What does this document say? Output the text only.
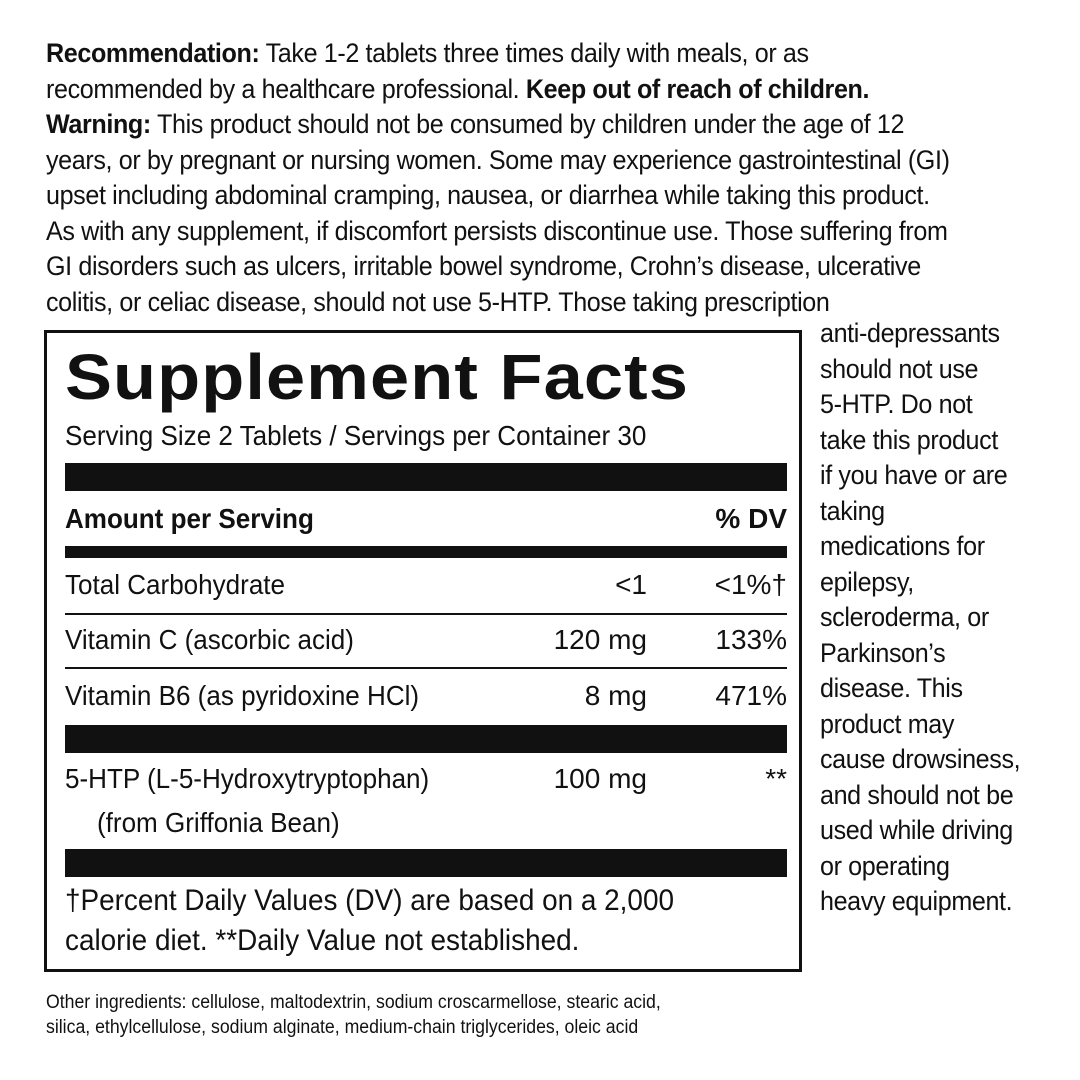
Recommendation: Take 1-2 tablets three times daily with meals, or as
recommended by a healthcare professional. Keep out of reach of children.
Warning: This product should not be consumed by children under the age of 12
years, or by pregnant or nursing women. Some may experience gastrointestinal (GI)
upset including abdominal cramping, nausea, or diarrhea while taking this product.
As with any supplement, if discomfort persists discontinue use. Those suffering from
GI disorders such as ulcers, irritable bowel syndrome, Crohn’s disease, ulcerative
colitis, or celiac disease, should not use 5-HTP. Those taking prescription
anti-depressants
should not use
5-HTP. Do not
take this product
if you have or are
taking
medications for
epilepsy,
scleroderma, or
Parkinson’s
disease. This
product may
cause drowsiness,
and should not be
used while driving
or operating
heavy equipment.
Supplement Facts
Serving Size 2 Tablets / Servings per Container 30
Amount per Serving	% DV
Total Carbohydrate	<1 <1%†
Vitamin C (ascorbic acid)	120 mg 133%
Vitamin B6 (as pyridoxine HCl)	8 mg 471%
5-HTP (L-5-Hydroxytryptophan)	100 mg	**
(from Griffonia Bean)
†Percent Daily Values (DV) are based on a 2,000
calorie diet. **Daily Value not established.
Other ingredients: cellulose, maltodextrin, sodium croscarmellose, stearic acid,
silica, ethylcellulose, sodium alginate, medium-chain triglycerides, oleic acid
